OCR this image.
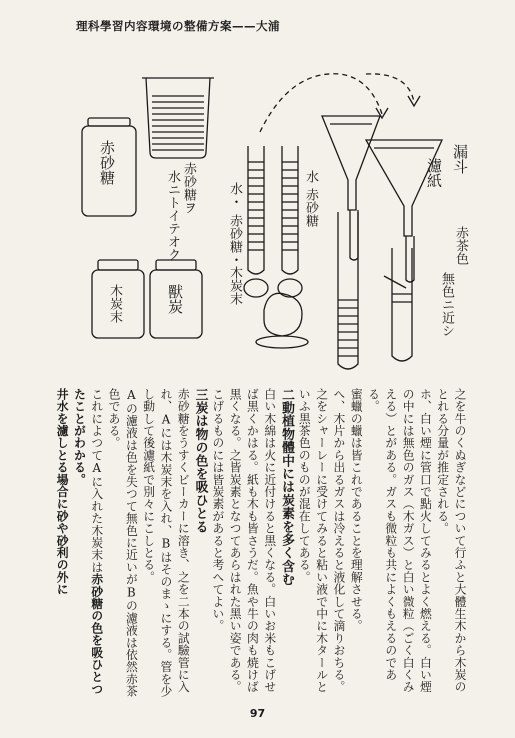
理科學習内容環境の整備方案——大浦
赤砂糖
木炭末	獸炭
赤砂糖ヲ
水ニトイテオク	水・
赤砂糖・木炭末
水
赤砂糖
漏斗
濾紙
赤茶色
無色ニ近シ

之を牛のくぬぎなどについて行ふと大體生木から木炭のとれる分量が推定される。

ホ、白い煙に管口で點火してみるとよく燃える。白い煙の中には無色のガス（木ガス）と白い微粒（ごく白くみえる）とがある。ガスも微粒も共によくもえるのである。

蜜蠟の蠟は皆これであることを理解させる。

へ、木片から出るガスは冷えると液化して滴りおちる。之をシャーレーに受けてみると粘い液で中に木タールといふ黒茶色のものが混在してある。

二動植物體中には炭素を多く含む

白い木綿は火に近付けると黒くなる。白いお米もこげせば黒くかはる。紙も木も皆さうだ。魚や牛の肉も焼けば黒くなる。之皆炭素となつてあらはれた黑い姿である。こげるものには皆炭素があると考へてよい。

三炭は物の色を吸ひとる

赤砂糖をうすくビーカーに溶き、之を二本の試驗管に入れ、Aには木炭末を入れ、Bはそのまゝにする。管を少し動して後濾紙で別々にこしとる。

Aの濾液は色を失つて無色に近いがBの濾液は依然赤茶色である。

これによつてAに入れた木炭末は赤砂糖の色を吸ひとつたことがわかる。

井水を濾しとる場合に砂や砂利の外に

97
